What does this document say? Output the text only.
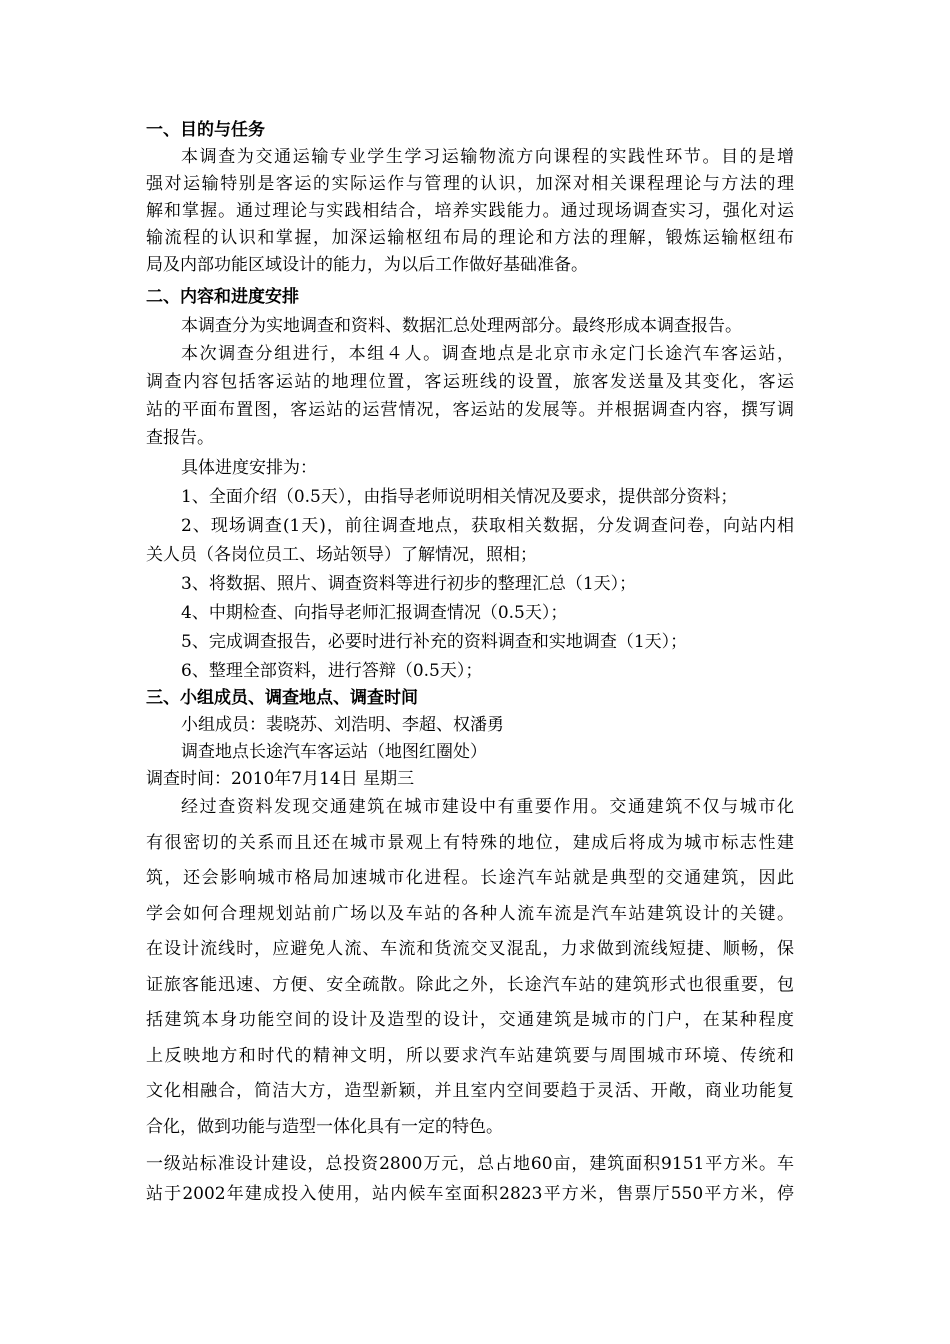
一、目的与任务
本调查为交通运输专业学生学习运输物流方向课程的实践性环节。目的是增
强对运输特别是客运的实际运作与管理的认识，加深对相关课程理论与方法的理
解和掌握。通过理论与实践相结合，培养实践能力。通过现场调查实习，强化对运
输流程的认识和掌握，加深运输枢纽布局的理论和方法的理解，锻炼运输枢纽布
局及内部功能区域设计的能力，为以后工作做好基础准备。
二、内容和进度安排
本调查分为实地调查和资料、数据汇总处理两部分。最终形成本调查报告。
本次调查分组进行，本组４人。调查地点是北京市永定门长途汽车客运站，
调查内容包括客运站的地理位置，客运班线的设置，旅客发送量及其变化，客运
站的平面布置图，客运站的运营情况，客运站的发展等。并根据调查内容，撰写调
查报告。
具体进度安排为：
1、全面介绍（0.5天），由指导老师说明相关情况及要求，提供部分资料；
2、现场调查(1天)，前往调查地点，获取相关数据，分发调查问卷，向站内相
关人员（各岗位员工、场站领导）了解情况，照相；
3、将数据、照片、调查资料等进行初步的整理汇总（1天）；
4、中期检查、向指导老师汇报调查情况（0.5天）；
5、完成调查报告，必要时进行补充的资料调查和实地调查（1天）；
6、整理全部资料，进行答辩（0.5天）；
三、小组成员、调查地点、调查时间
小组成员：裴晓苏、刘浩明、李超、权潘勇
调查地点长途汽车客运站（地图红圈处）
调查时间：2010年7月14日 星期三
经过查资料发现交通建筑在城市建设中有重要作用。交通建筑不仅与城市化
有很密切的关系而且还在城市景观上有特殊的地位，建成后将成为城市标志性建
筑，还会影响城市格局加速城市化进程。长途汽车站就是典型的交通建筑，因此
学会如何合理规划站前广场以及车站的各种人流车流是汽车站建筑设计的关键。
在设计流线时，应避免人流、车流和货流交叉混乱，力求做到流线短捷、顺畅，保
证旅客能迅速、方便、安全疏散。除此之外，长途汽车站的建筑形式也很重要，包
括建筑本身功能空间的设计及造型的设计，交通建筑是城市的门户，在某种程度
上反映地方和时代的精神文明，所以要求汽车站建筑要与周围城市环境、传统和
文化相融合，简洁大方，造型新颖，并且室内空间要趋于灵活、开敞，商业功能复
合化，做到功能与造型一体化具有一定的特色。
一级站标准设计建设，总投资2800万元，总占地60亩，建筑面积9151平方米。车
站于2002年建成投入使用，站内候车室面积2823平方米，售票厅550平方米，停
